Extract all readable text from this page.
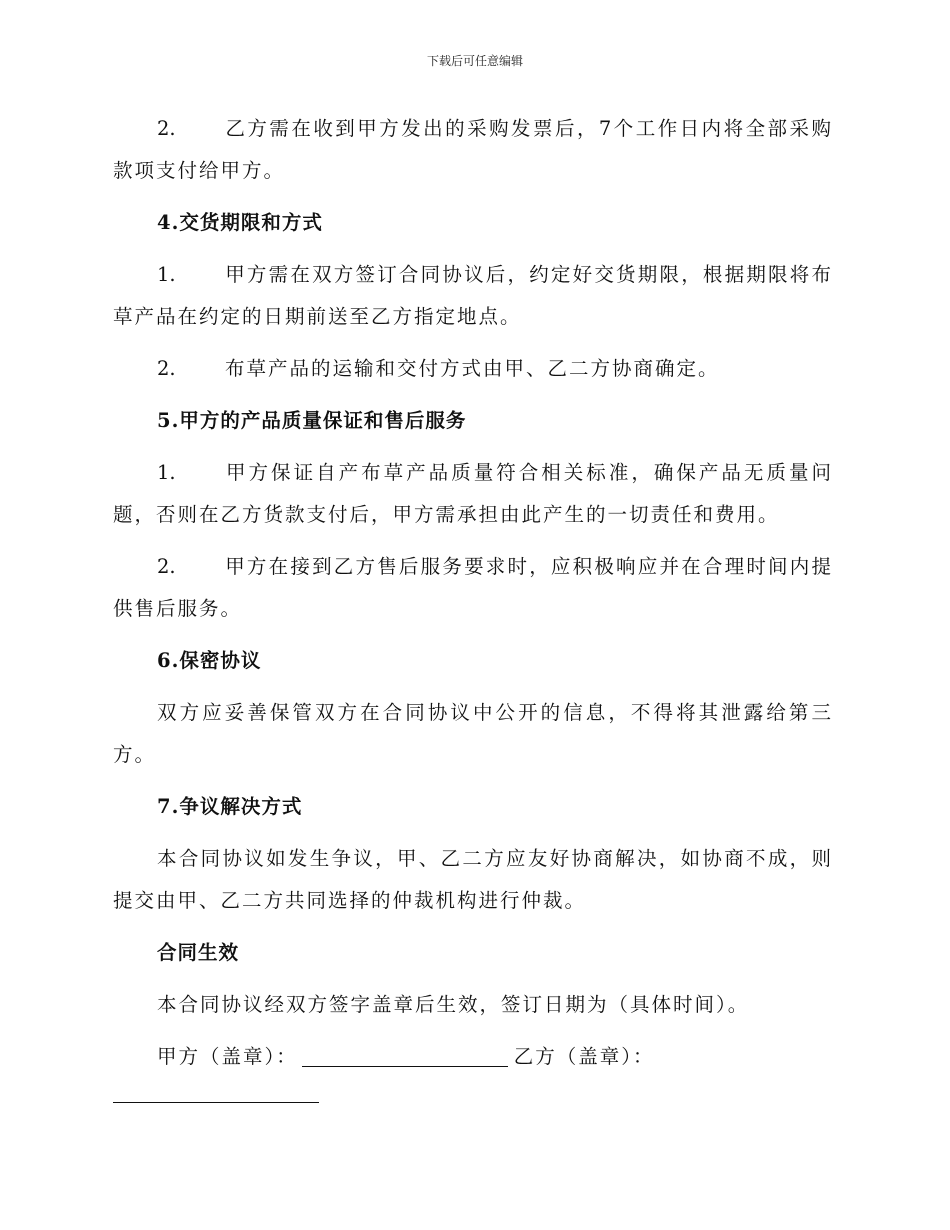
下载后可任意编辑

2.	乙方需在收到甲方发出的采购发票后，7个工作日内将全部采购款项支付给甲方。

4.交货期限和方式

1.	甲方需在双方签订合同协议后，约定好交货期限，根据期限将布草产品在约定的日期前送至乙方指定地点。

2.	布草产品的运输和交付方式由甲、乙二方协商确定。

5.甲方的产品质量保证和售后服务

1.	甲方保证自产布草产品质量符合相关标准，确保产品无质量问题，否则在乙方货款支付后，甲方需承担由此产生的一切责任和费用。

2.	甲方在接到乙方售后服务要求时，应积极响应并在合理时间内提供售后服务。

6.保密协议

双方应妥善保管双方在合同协议中公开的信息，不得将其泄露给第三方。

7.争议解决方式

本合同协议如发生争议，甲、乙二方应友好协商解决，如协商不成，则提交由甲、乙二方共同选择的仲裁机构进行仲裁。

合同生效

本合同协议经双方签字盖章后生效，签订日期为（具体时间）。

甲方（盖章）：	乙方（盖章）：
